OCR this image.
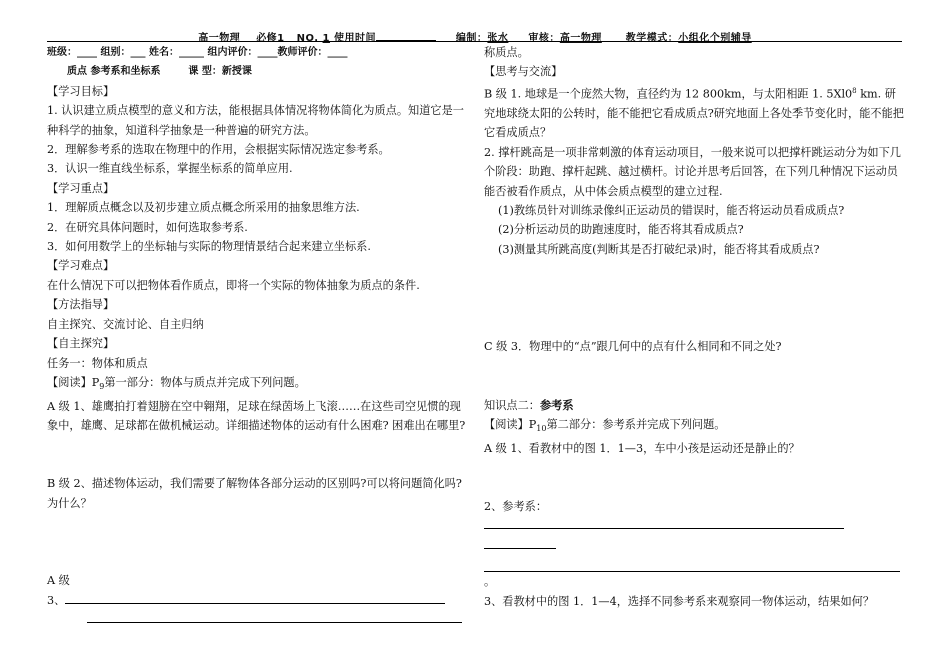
高一物理 必修1 NO. 1 使用时间	编制：张水 审核：高一物理 教学模式：小组化个别辅导
班级：____ 组别：___ 姓名：_____ 组内评价：____教师评价：____
质点 参考系和坐标系	课 型：新授课
【学习目标】
1. 认识建立质点模型的意义和方法，能根据具体情况将物体简化为质点。知道它是一种科学的抽象，知道科学抽象是一种普遍的研究方法。
2．理解参考系的选取在物理中的作用，会根据实际情况选定参考系。
3．认识一维直线坐标系，掌握坐标系的简单应用.
【学习重点】
1．理解质点概念以及初步建立质点概念所采用的抽象思维方法.
2．在研究具体问题时，如何选取参考系.
3．如何用数学上的坐标轴与实际的物理情景结合起来建立坐标系.
【学习难点】
在什么情况下可以把物体看作质点，即将一个实际的物体抽象为质点的条件.
【方法指导】
自主探究、交流讨论、自主归纳
【自主探究】
任务一：物体和质点
【阅读】$P_9$第一部分：物体与质点并完成下列问题。
A 级 1、雄鹰拍打着翅膀在空中翱翔，足球在绿茵场上飞滚……在这些司空见惯的现象中，雄鹰、足球都在做机械运动。详细描述物体的运动有什么困难? 困难出在哪里?
B 级 2、描述物体运动，我们需要了解物体各部分运动的区别吗?可以将问题简化吗?为什么？
A 级
3、
称质点。
【思考与交流】
B 级 1. 地球是一个庞然大物，直径约为 12 800km，与太阳相距 1. $5Xl0^8$ km. 研究地球绕太阳的公转时，能不能把它看成质点?研究地面上各处季节变化时，能不能把它看成质点？
2. 撑杆跳高是一项非常刺激的体育运动项目，一般来说可以把撑杆跳运动分为如下几个阶段：助跑、撑杆起跳、越过横杆。讨论并思考后回答，在下列几种情况下运动员能否被看作质点，从中体会质点模型的建立过程.
(1)教练员针对训练录像纠正运动员的错误时，能否将运动员看成质点?
(2)分析运动员的助跑速度时，能否将其看成质点?
(3)测量其所跳高度(判断其是否打破纪录)时，能否将其看成质点?
C 级 3．物理中的“点”跟几何中的点有什么相同和不同之处?
知识点二：参考系
【阅读】$P_{10}$第二部分：参考系并完成下列问题。
A 级 1、看教材中的图 1．1—3，车中小孩是运动还是静止的？
2、参考系：
。
3、看教材中的图 1．1—4，选择不同参考系来观察同一物体运动，结果如何？
